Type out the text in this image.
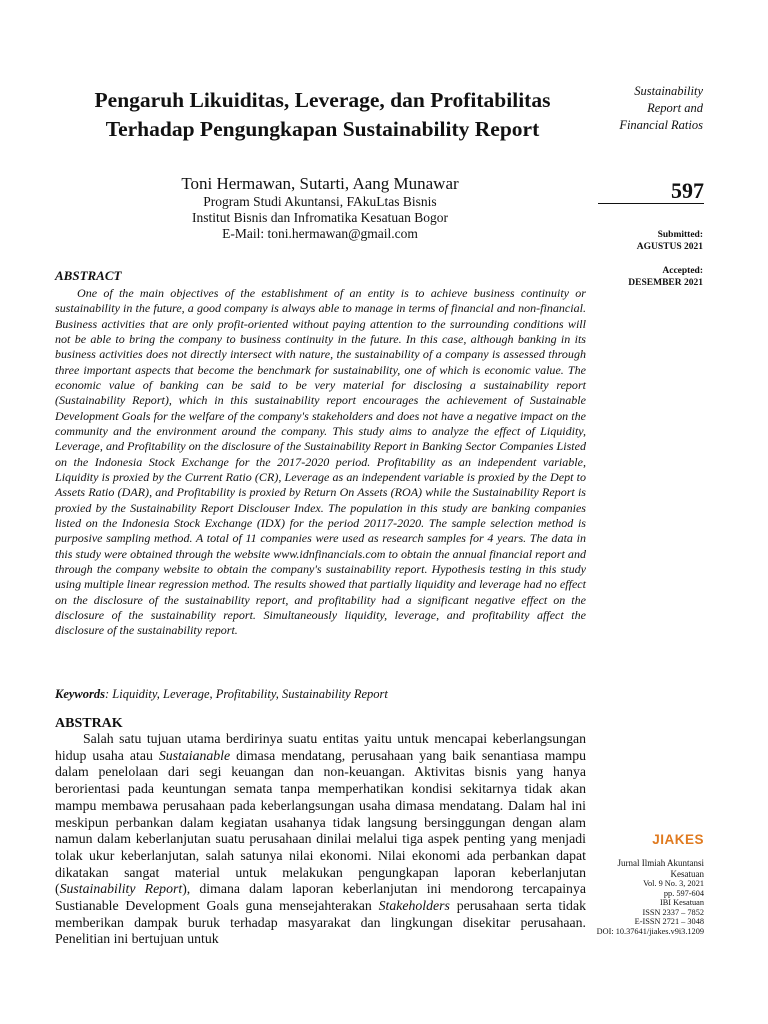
Pengaruh Likuiditas, Leverage, dan Profitabilitas
Terhadap Pengungkapan Sustainability Report
Toni Hermawan, Sutarti, Aang Munawar
Program Studi Akuntansi, FAkuLtas Bisnis
Institut Bisnis dan Infromatika Kesatuan Bogor
E-Mail: toni.hermawan@gmail.com
Sustainability
Report and
Financial Ratios
597
Submitted:
AGUSTUS 2021
Accepted:
DESEMBER 2021
ABSTRACT

One of the main objectives of the establishment of an entity is to achieve business continuity or sustainability in the future, a good company is always able to manage in terms of financial and non-financial. Business activities that are only profit-oriented without paying attention to the surrounding conditions will not be able to bring the company to business continuity in the future. In this case, although banking in its business activities does not directly intersect with nature, the sustainability of a company is assessed through three important aspects that become the benchmark for sustainability, one of which is economic value. The economic value of banking can be said to be very material for disclosing a sustainability report (Sustainability Report), which in this sustainability report encourages the achievement of Sustainable Development Goals for the welfare of the company's stakeholders and does not have a negative impact on the community and the environment around the company. This study aims to analyze the effect of Liquidity, Leverage, and Profitability on the disclosure of the Sustainability Report in Banking Sector Companies Listed on the Indonesia Stock Exchange for the 2017-2020 period. Profitability as an independent variable, Liquidity is proxied by the Current Ratio (CR), Leverage as an independent variable is proxied by the Dept to Assets Ratio (DAR), and Profitability is proxied by Return On Assets (ROA) while the Sustainability Report is proxied by the Sustainability Report Disclouser Index. The population in this study are banking companies listed on the Indonesia Stock Exchange (IDX) for the period 20117-2020. The sample selection method is purposive sampling method. A total of 11 companies were used as research samples for 4 years. The data in this study were obtained through the website www.idnfinancials.com to obtain the annual financial report and through the company website to obtain the company's sustainability report. Hypothesis testing in this study using multiple linear regression method. The results showed that partially liquidity and leverage had no effect on the disclosure of the sustainability report, and profitability had a significant negative effect on the disclosure of the sustainability report. Simultaneously liquidity, leverage, and profitability affect the disclosure of the sustainability report.

Keywords: Liquidity, Leverage, Profitability, Sustainability Report
ABSTRAK

Salah satu tujuan utama berdirinya suatu entitas yaitu untuk mencapai keberlangsungan hidup usaha atau Sustaianable dimasa mendatang, perusahaan yang baik senantiasa mampu dalam penelolaan dari segi keuangan dan non-keuangan. Aktivitas bisnis yang hanya berorientasi pada keuntungan semata tanpa memperhatikan kondisi sekitarnya tidak akan mampu membawa perusahaan pada keberlangsungan usaha dimasa mendatang. Dalam hal ini meskipun perbankan dalam kegiatan usahanya tidak langsung bersinggungan dengan alam namun dalam keberlanjutan suatu perusahaan dinilai melalui tiga aspek penting yang menjadi tolak ukur keberlanjutan, salah satunya nilai ekonomi. Nilai ekonomi ada perbankan dapat dikatakan sangat material untuk melakukan pengungkapan laporan keberlanjutan (Sustainability Report), dimana dalam laporan keberlanjutan ini mendorong tercapainya Sustianable Development Goals guna mensejahterakan Stakeholders perusahaan serta tidak memberikan dampak buruk terhadap masyarakat dan lingkungan disekitar perusahaan. Penelitian ini bertujuan untuk

JIAKES
Jurnal Ilmiah Akuntansi Kesatuan
Vol. 9 No. 3, 2021
pp. 597-604
IBI Kesatuan
ISSN 2337 – 7852
E-ISSN 2721 – 3048
DOI: 10.37641/jiakes.v9i3.1209
